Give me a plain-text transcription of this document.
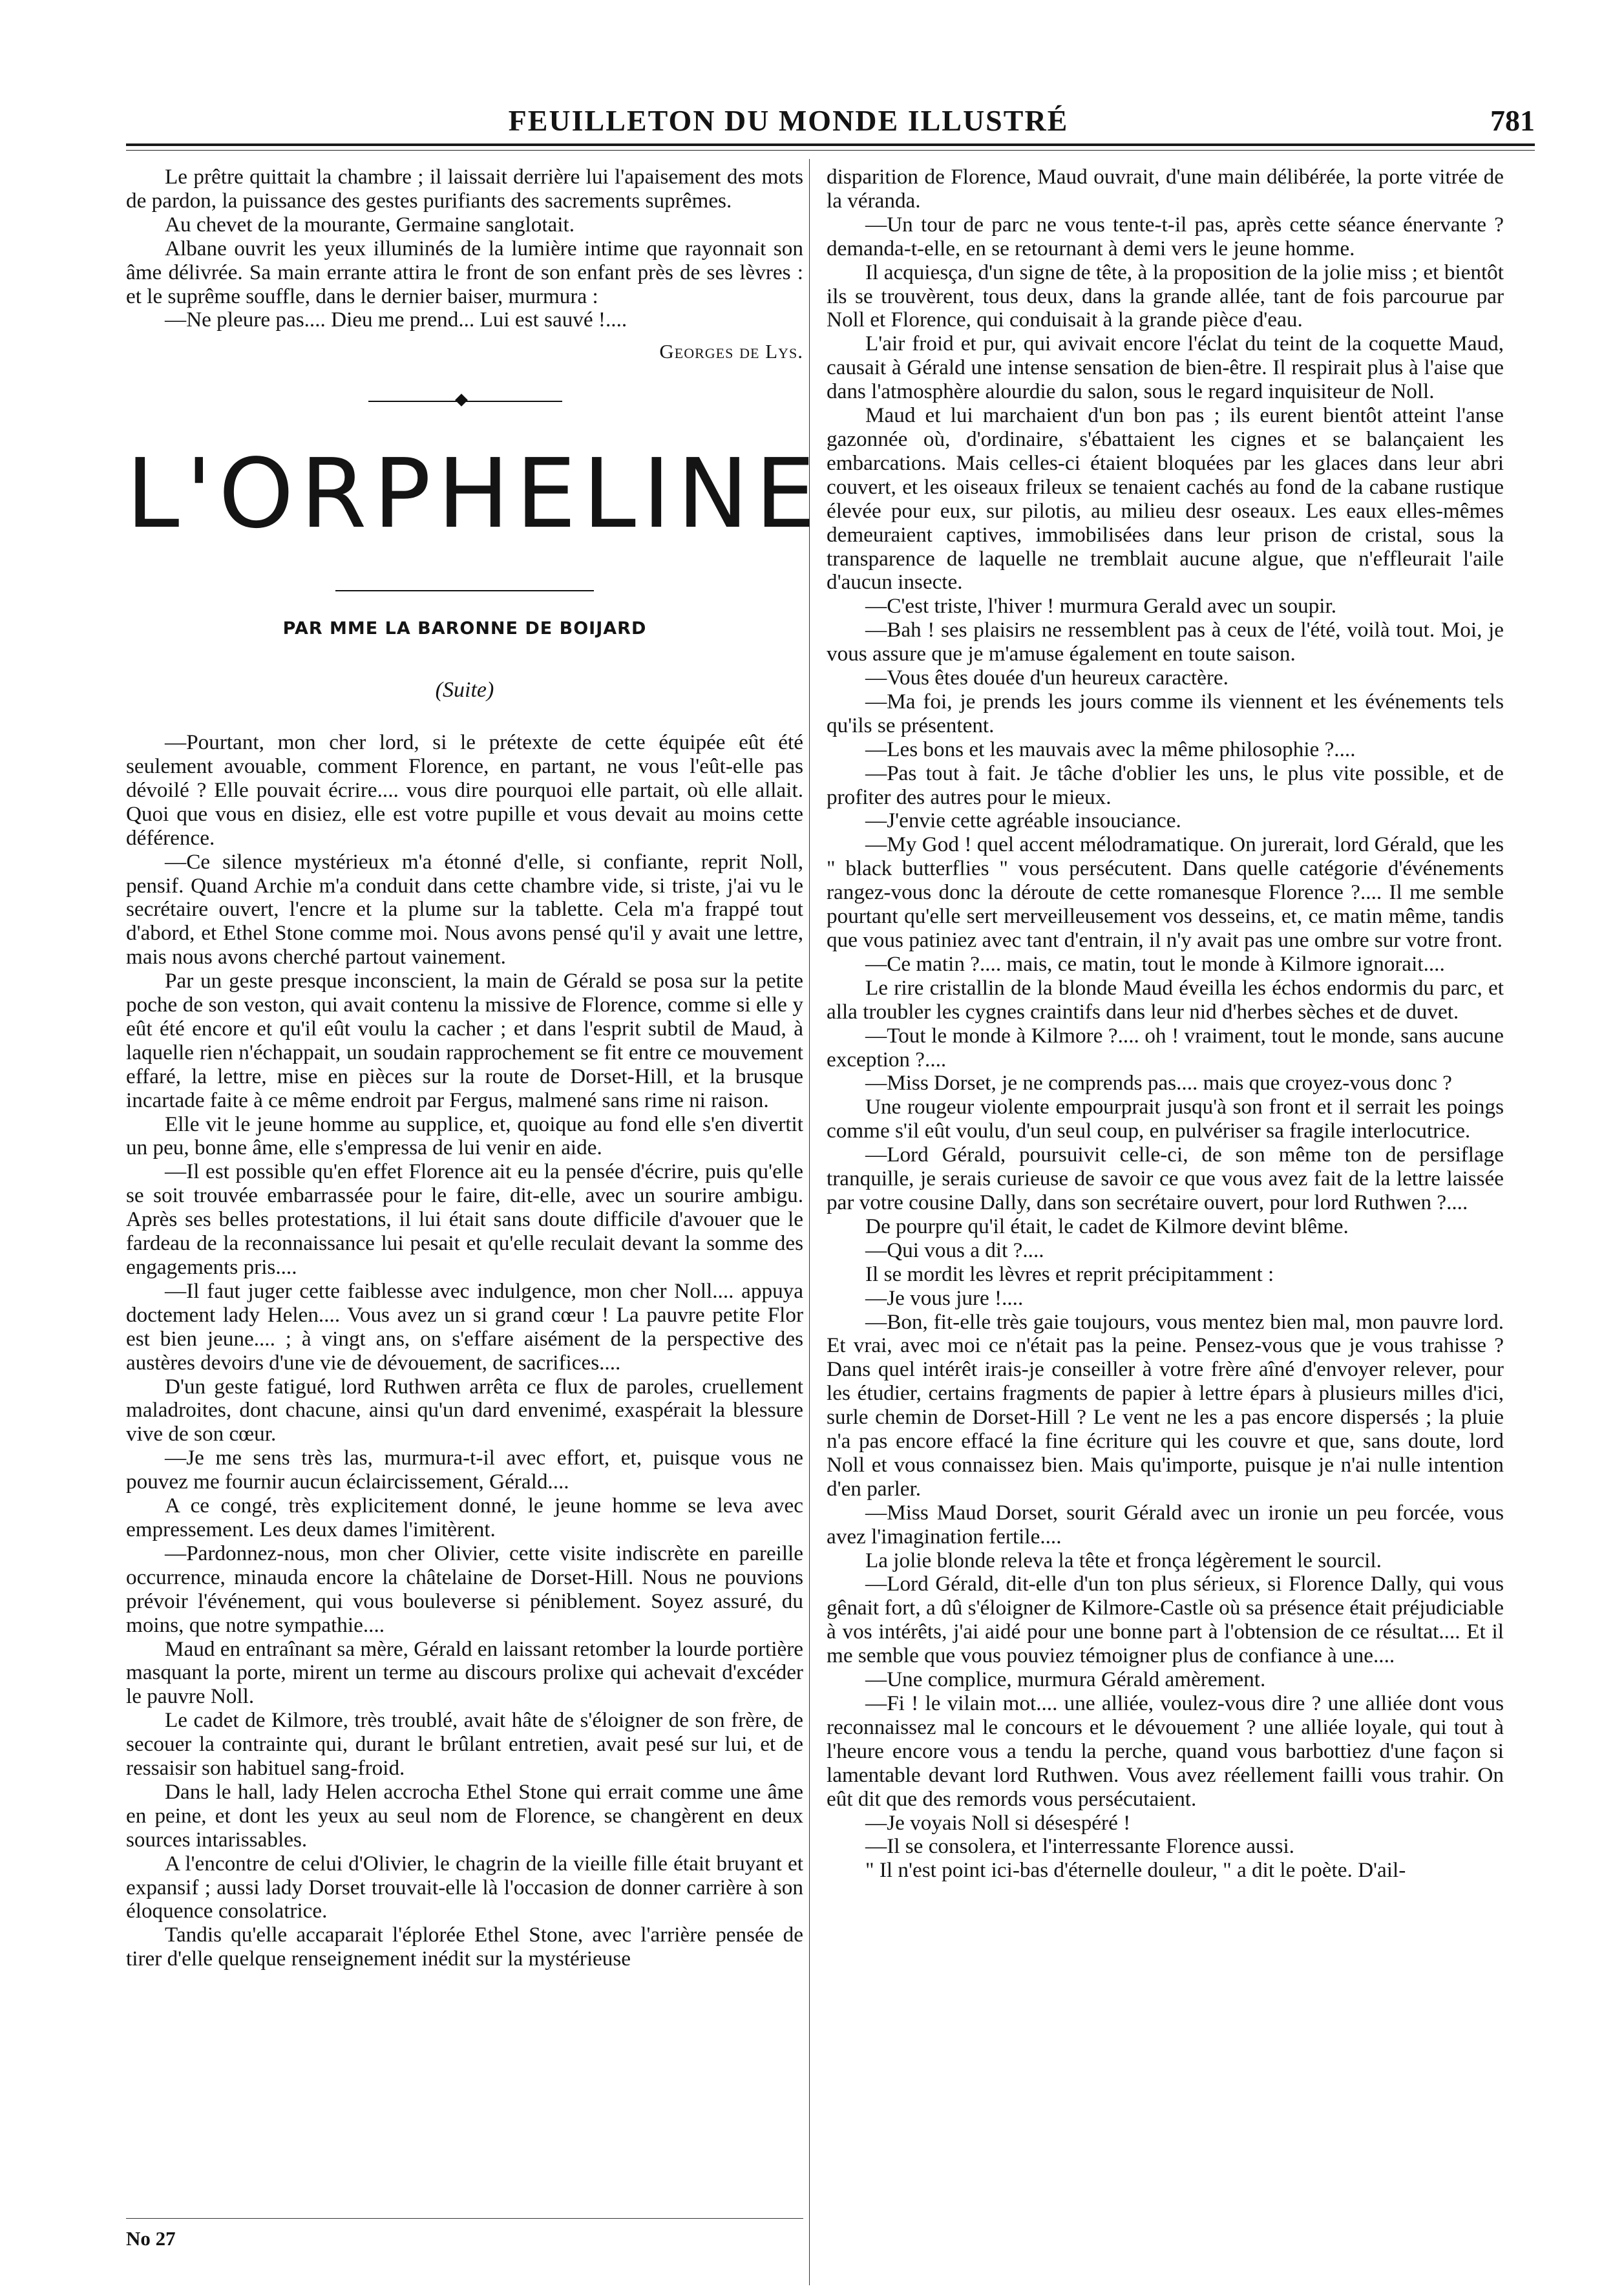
FEUILLETON DU MONDE ILLUSTRÉ	781

Le prêtre quittait la chambre ; il laissait derrière lui l'apaisement des mots de pardon, la puissance des gestes purifiants des sacrements suprêmes.

Au chevet de la mourante, Germaine sanglotait.

Albane ouvrit les yeux illuminés de la lumière intime que rayonnait son âme délivrée. Sa main errante attira le front de son enfant près de ses lèvres : et le suprême souffle, dans le dernier baiser, murmura :

—Ne pleure pas.... Dieu me prend... Lui est sauvé !....

Georges de Lys.
L'ORPHELINE
PAR MME LA BARONNE DE BOIJARD
(Suite)

—Pourtant, mon cher lord, si le prétexte de cette équipée eût été seulement avouable, comment Florence, en partant, ne vous l'eût-elle pas dévoilé ? Elle pouvait écrire.... vous dire pourquoi elle partait, où elle allait. Quoi que vous en disiez, elle est votre pupille et vous devait au moins cette déférence.

—Ce silence mystérieux m'a étonné d'elle, si confiante, reprit Noll, pensif. Quand Archie m'a conduit dans cette chambre vide, si triste, j'ai vu le secrétaire ouvert, l'encre et la plume sur la tablette. Cela m'a frappé tout d'abord, et Ethel Stone comme moi. Nous avons pensé qu'il y avait une lettre, mais nous avons cherché partout vainement.

Par un geste presque inconscient, la main de Gérald se posa sur la petite poche de son veston, qui avait contenu la missive de Florence, comme si elle y eût été encore et qu'il eût voulu la cacher ; et dans l'esprit subtil de Maud, à laquelle rien n'échappait, un soudain rapprochement se fit entre ce mouvement effaré, la lettre, mise en pièces sur la route de Dorset-Hill, et la brusque incartade faite à ce même endroit par Fergus, malmené sans rime ni raison.

Elle vit le jeune homme au supplice, et, quoique au fond elle s'en divertit un peu, bonne âme, elle s'empressa de lui venir en aide.

—Il est possible qu'en effet Florence ait eu la pensée d'écrire, puis qu'elle se soit trouvée embarrassée pour le faire, dit-elle, avec un sourire ambigu. Après ses belles protestations, il lui était sans doute difficile d'avouer que le fardeau de la reconnaissance lui pesait et qu'elle reculait devant la somme des engagements pris....

—Il faut juger cette faiblesse avec indulgence, mon cher Noll.... appuya doctement lady Helen.... Vous avez un si grand cœur ! La pauvre petite Flor est bien jeune.... ; à vingt ans, on s'effare aisément de la perspective des austères devoirs d'une vie de dévouement, de sacrifices....

D'un geste fatigué, lord Ruthwen arrêta ce flux de paroles, cruellement maladroites, dont chacune, ainsi qu'un dard envenimé, exaspérait la blessure vive de son cœur.

—Je me sens très las, murmura-t-il avec effort, et, puisque vous ne pouvez me fournir aucun éclaircissement, Gérald....

A ce congé, très explicitement donné, le jeune homme se leva avec empressement. Les deux dames l'imitèrent.

—Pardonnez-nous, mon cher Olivier, cette visite indiscrète en pareille occurrence, minauda encore la châtelaine de Dorset-Hill. Nous ne pouvions prévoir l'événement, qui vous bouleverse si péniblement. Soyez assuré, du moins, que notre sympathie....

Maud en entraînant sa mère, Gérald en laissant retomber la lourde portière masquant la porte, mirent un terme au discours prolixe qui achevait d'excéder le pauvre Noll.

Le cadet de Kilmore, très troublé, avait hâte de s'éloigner de son frère, de secouer la contrainte qui, durant le brûlant entretien, avait pesé sur lui, et de ressaisir son habituel sang-froid.

Dans le hall, lady Helen accrocha Ethel Stone qui errait comme une âme en peine, et dont les yeux au seul nom de Florence, se changèrent en deux sources intarissables.

A l'encontre de celui d'Olivier, le chagrin de la vieille fille était bruyant et expansif ; aussi lady Dorset trouvait-elle là l'occasion de donner carrière à son éloquence consolatrice.

Tandis qu'elle accaparait l'éplorée Ethel Stone, avec l'arrière pensée de tirer d'elle quelque renseignement inédit sur la mystérieuse

disparition de Florence, Maud ouvrait, d'une main délibérée, la porte vitrée de la véranda.

—Un tour de parc ne vous tente-t-il pas, après cette séance énervante ? demanda-t-elle, en se retournant à demi vers le jeune homme.

Il acquiesça, d'un signe de tête, à la proposition de la jolie miss ; et bientôt ils se trouvèrent, tous deux, dans la grande allée, tant de fois parcourue par Noll et Florence, qui conduisait à la grande pièce d'eau.

L'air froid et pur, qui avivait encore l'éclat du teint de la coquette Maud, causait à Gérald une intense sensation de bien-être. Il respirait plus à l'aise que dans l'atmosphère alourdie du salon, sous le regard inquisiteur de Noll.

Maud et lui marchaient d'un bon pas ; ils eurent bientôt atteint l'anse gazonnée où, d'ordinaire, s'ébattaient les cignes et se balançaient les embarcations. Mais celles-ci étaient bloquées par les glaces dans leur abri couvert, et les oiseaux frileux se tenaient cachés au fond de la cabane rustique élevée pour eux, sur pilotis, au milieu desr oseaux. Les eaux elles-mêmes demeuraient captives, immobilisées dans leur prison de cristal, sous la transparence de laquelle ne tremblait aucune algue, que n'effleurait l'aile d'aucun insecte.

—C'est triste, l'hiver ! murmura Gerald avec un soupir.

—Bah ! ses plaisirs ne ressemblent pas à ceux de l'été, voilà tout. Moi, je vous assure que je m'amuse également en toute saison.

—Vous êtes douée d'un heureux caractère.

—Ma foi, je prends les jours comme ils viennent et les événements tels qu'ils se présentent.

—Les bons et les mauvais avec la même philosophie ?....

—Pas tout à fait. Je tâche d'oblier les uns, le plus vite possible, et de profiter des autres pour le mieux.

—J'envie cette agréable insouciance.

—My God ! quel accent mélodramatique. On jurerait, lord Gérald, que les " black butterflies " vous persécutent. Dans quelle catégorie d'événements rangez-vous donc la déroute de cette romanesque Florence ?.... Il me semble pourtant qu'elle sert merveilleusement vos desseins, et, ce matin même, tandis que vous patiniez avec tant d'entrain, il n'y avait pas une ombre sur votre front.

—Ce matin ?.... mais, ce matin, tout le monde à Kilmore ignorait....

Le rire cristallin de la blonde Maud éveilla les échos endormis du parc, et alla troubler les cygnes craintifs dans leur nid d'herbes sèches et de duvet.

—Tout le monde à Kilmore ?.... oh ! vraiment, tout le monde, sans aucune exception ?....

—Miss Dorset, je ne comprends pas.... mais que croyez-vous donc ?

Une rougeur violente empourprait jusqu'à son front et il serrait les poings comme s'il eût voulu, d'un seul coup, en pulvériser sa fragile interlocutrice.

—Lord Gérald, poursuivit celle-ci, de son même ton de persiflage tranquille, je serais curieuse de savoir ce que vous avez fait de la lettre laissée par votre cousine Dally, dans son secrétaire ouvert, pour lord Ruthwen ?....

De pourpre qu'il était, le cadet de Kilmore devint blême.

—Qui vous a dit ?....

Il se mordit les lèvres et reprit précipitamment :

—Je vous jure !....

—Bon, fit-elle très gaie toujours, vous mentez bien mal, mon pauvre lord. Et vrai, avec moi ce n'était pas la peine. Pensez-vous que je vous trahisse ? Dans quel intérêt irais-je conseiller à votre frère aîné d'envoyer relever, pour les étudier, certains fragments de papier à lettre épars à plusieurs milles d'ici, surle chemin de Dorset-Hill ? Le vent ne les a pas encore dispersés ; la pluie n'a pas encore effacé la fine écriture qui les couvre et que, sans doute, lord Noll et vous connaissez bien. Mais qu'importe, puisque je n'ai nulle intention d'en parler.

—Miss Maud Dorset, sourit Gérald avec un ironie un peu forcée, vous avez l'imagination fertile....

La jolie blonde releva la tête et fronça légèrement le sourcil.

—Lord Gérald, dit-elle d'un ton plus sérieux, si Florence Dally, qui vous gênait fort, a dû s'éloigner de Kilmore-Castle où sa présence était préjudiciable à vos intérêts, j'ai aidé pour une bonne part à l'obtension de ce résultat.... Et il me semble que vous pouviez témoigner plus de confiance à une....

—Une complice, murmura Gérald amèrement.

—Fi ! le vilain mot.... une alliée, voulez-vous dire ? une alliée dont vous reconnaissez mal le concours et le dévouement ? une alliée loyale, qui tout à l'heure encore vous a tendu la perche, quand vous barbottiez d'une façon si lamentable devant lord Ruthwen. Vous avez réellement failli vous trahir. On eût dit que des remords vous persécutaient.

—Je voyais Noll si désespéré !

—Il se consolera, et l'interressante Florence aussi.

" Il n'est point ici-bas d'éternelle douleur, " a dit le poète. D'ail-

No 27
